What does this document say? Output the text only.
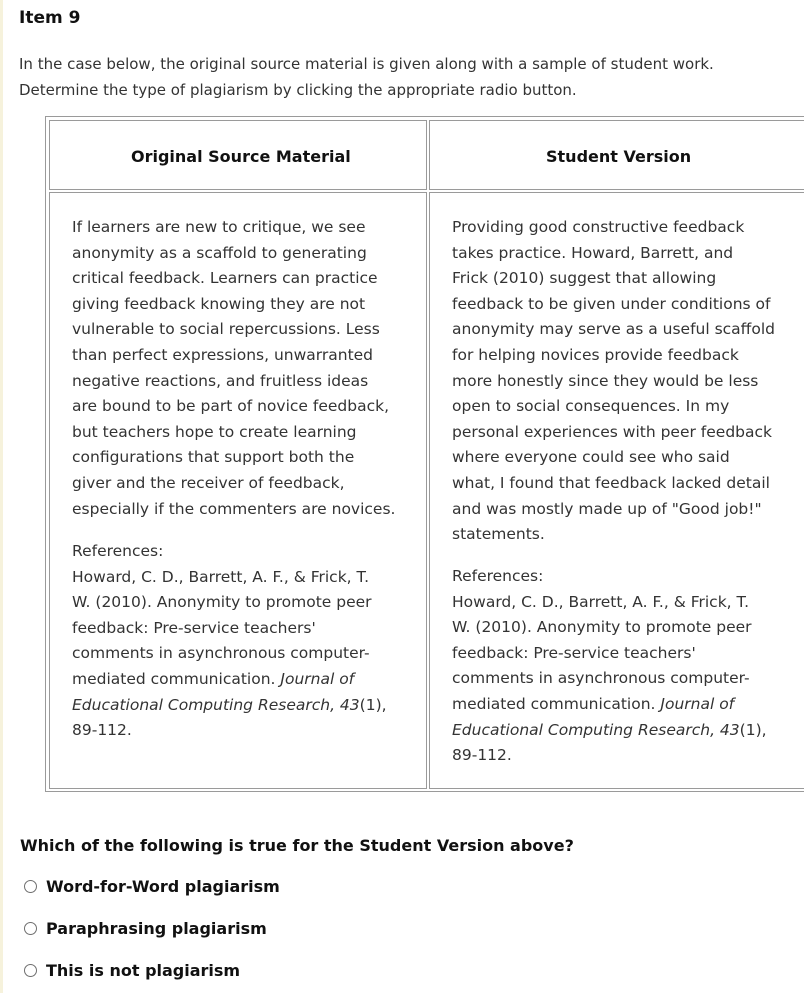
Item 9

In the case below, the original source material is given along with a sample of student work.

Determine the type of plagiarism by clicking the appropriate radio button.

Original Source Material	Student Version

If learners are new to critique, we see

anonymity as a scaffold to generating

critical feedback. Learners can practice

giving feedback knowing they are not

vulnerable to social repercussions. Less

than perfect expressions, unwarranted

negative reactions, and fruitless ideas

are bound to be part of novice feedback,

but teachers hope to create learning

configurations that support both the

giver and the receiver of feedback,

especially if the commenters are novices.

References:

Howard, C. D., Barrett, A. F., & Frick, T.

W. (2010). Anonymity to promote peer

feedback: Pre-service teachers'

comments in asynchronous computer-

mediated communication. Journal of

Educational Computing Research, 43(1),

89-112.

Providing good constructive feedback

takes practice. Howard, Barrett, and

Frick (2010) suggest that allowing

feedback to be given under conditions of

anonymity may serve as a useful scaffold

for helping novices provide feedback

more honestly since they would be less

open to social consequences. In my

personal experiences with peer feedback

where everyone could see who said

what, I found that feedback lacked detail

and was mostly made up of "Good job!"

statements.

References:

Howard, C. D., Barrett, A. F., & Frick, T.

W. (2010). Anonymity to promote peer

feedback: Pre-service teachers'

comments in asynchronous computer-

mediated communication. Journal of

Educational Computing Research, 43(1),

89-112.

Which of the following is true for the Student Version above?
Word-for-Word plagiarism
Paraphrasing plagiarism
This is not plagiarism
